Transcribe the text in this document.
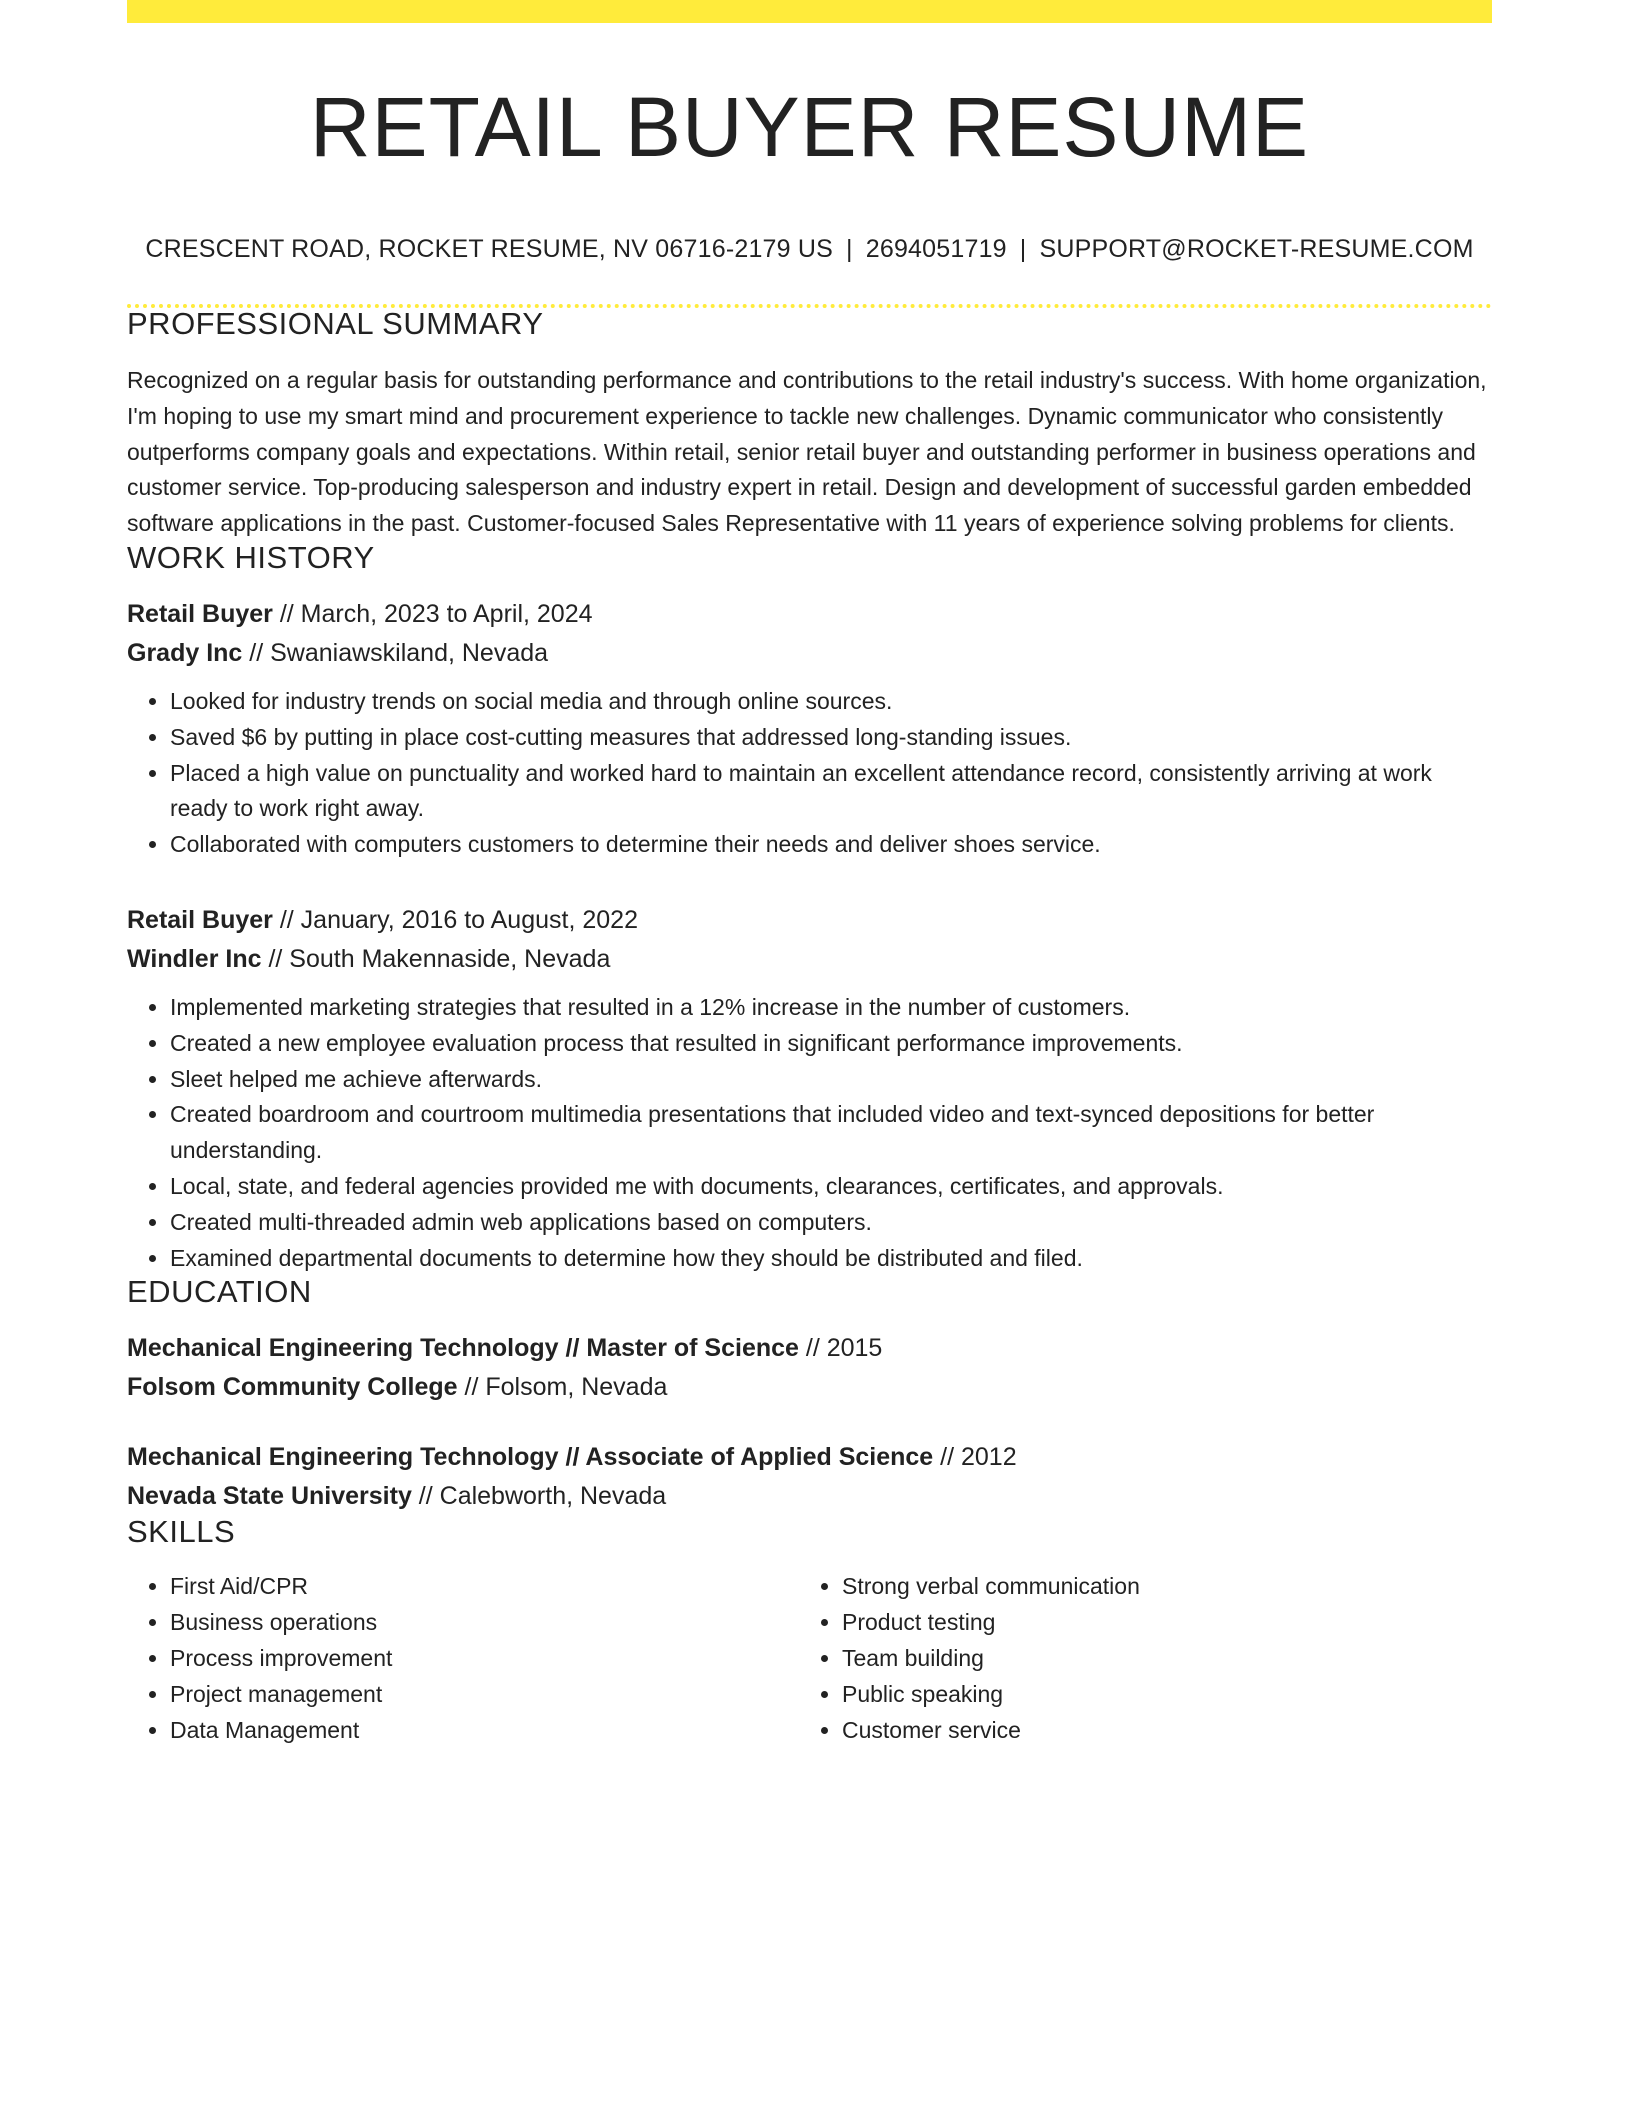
RETAIL BUYER RESUME
CRESCENT ROAD, ROCKET RESUME, NV 06716-2179 US | 2694051719 | SUPPORT@ROCKET-RESUME.COM
PROFESSIONAL SUMMARY
Recognized on a regular basis for outstanding performance and contributions to the retail industry's success. With home organization, I'm hoping to use my smart mind and procurement experience to tackle new challenges. Dynamic communicator who consistently outperforms company goals and expectations. Within retail, senior retail buyer and outstanding performer in business operations and customer service. Top-producing salesperson and industry expert in retail. Design and development of successful garden embedded software applications in the past. Customer-focused Sales Representative with 11 years of experience solving problems for clients.
WORK HISTORY
Retail Buyer // March, 2023 to April, 2024
Grady Inc // Swaniawskiland, Nevada
• Looked for industry trends on social media and through online sources.
• Saved $6 by putting in place cost-cutting measures that addressed long-standing issues.
• Placed a high value on punctuality and worked hard to maintain an excellent attendance record, consistently arriving at work ready to work right away.
• Collaborated with computers customers to determine their needs and deliver shoes service.
Retail Buyer // January, 2016 to August, 2022
Windler Inc // South Makennaside, Nevada
• Implemented marketing strategies that resulted in a 12% increase in the number of customers.
• Created a new employee evaluation process that resulted in significant performance improvements.
• Sleet helped me achieve afterwards.
• Created boardroom and courtroom multimedia presentations that included video and text-synced depositions for better understanding.
• Local, state, and federal agencies provided me with documents, clearances, certificates, and approvals.
• Created multi-threaded admin web applications based on computers.
• Examined departmental documents to determine how they should be distributed and filed.
EDUCATION
Mechanical Engineering Technology // Master of Science // 2015
Folsom Community College // Folsom, Nevada
Mechanical Engineering Technology // Associate of Applied Science // 2012
Nevada State University // Calebworth, Nevada
SKILLS
• First Aid/CPR
• Business operations
• Process improvement
• Project management
• Data Management
• Strong verbal communication
• Product testing
• Team building
• Public speaking
• Customer service
